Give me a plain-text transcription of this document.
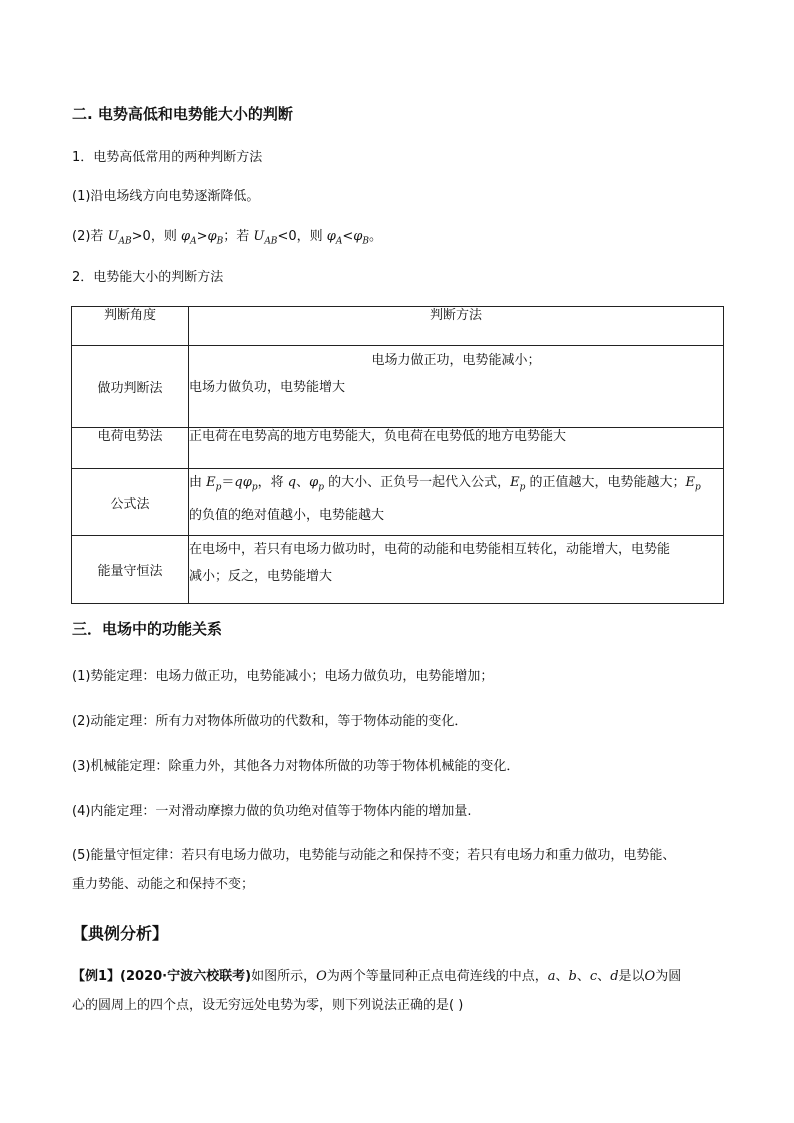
二. 电势高低和电势能大小的判断
1．电势高低常用的两种判断方法
(1)沿电场线方向电势逐渐降低。
(2)若 $U_{AB}>0$，则 $\varphi_A>\varphi_B$；若 $U_{AB}<0$，则 $\varphi_A<\varphi_B$。
2．电势能大小的判断方法
判断角度	判断方法
做功判断法	电场力做正功，电势能减小；
电场力做负功，电势能增大

电荷电势法	正电荷在电势高的地方电势能大，负电荷在电势低的地方电势能大
公式法	由 $E_p=q\varphi_p$，将 q、$\varphi_p$ 的大小、正负号一起代入公式，$E_p$ 的正值越大，电势能越大；$E_p$
的负值的绝对值越小，电势能越大
能量守恒法	在电场中，若只有电场力做功时，电荷的动能和电势能相互转化，动能增大，电势能
减小；反之，电势能增大
三．电场中的功能关系
(1)势能定理：电场力做正功，电势能减小；电场力做负功，电势能增加；
(2)动能定理：所有力对物体所做功的代数和，等于物体动能的变化．
(3)机械能定理：除重力外，其他各力对物体所做的功等于物体机械能的变化．
(4)内能定理：一对滑动摩擦力做的负功绝对值等于物体内能的增加量.
(5)能量守恒定律：若只有电场力做功，电势能与动能之和保持不变；若只有电场力和重力做功，电势能、
重力势能、动能之和保持不变；
【典例分析】
【例1】(2020·宁波六校联考)如图所示，O为两个等量同种正点电荷连线的中点，a、b、c、d是以O为圆
心的圆周上的四个点，设无穷远处电势为零，则下列说法正确的是( )
